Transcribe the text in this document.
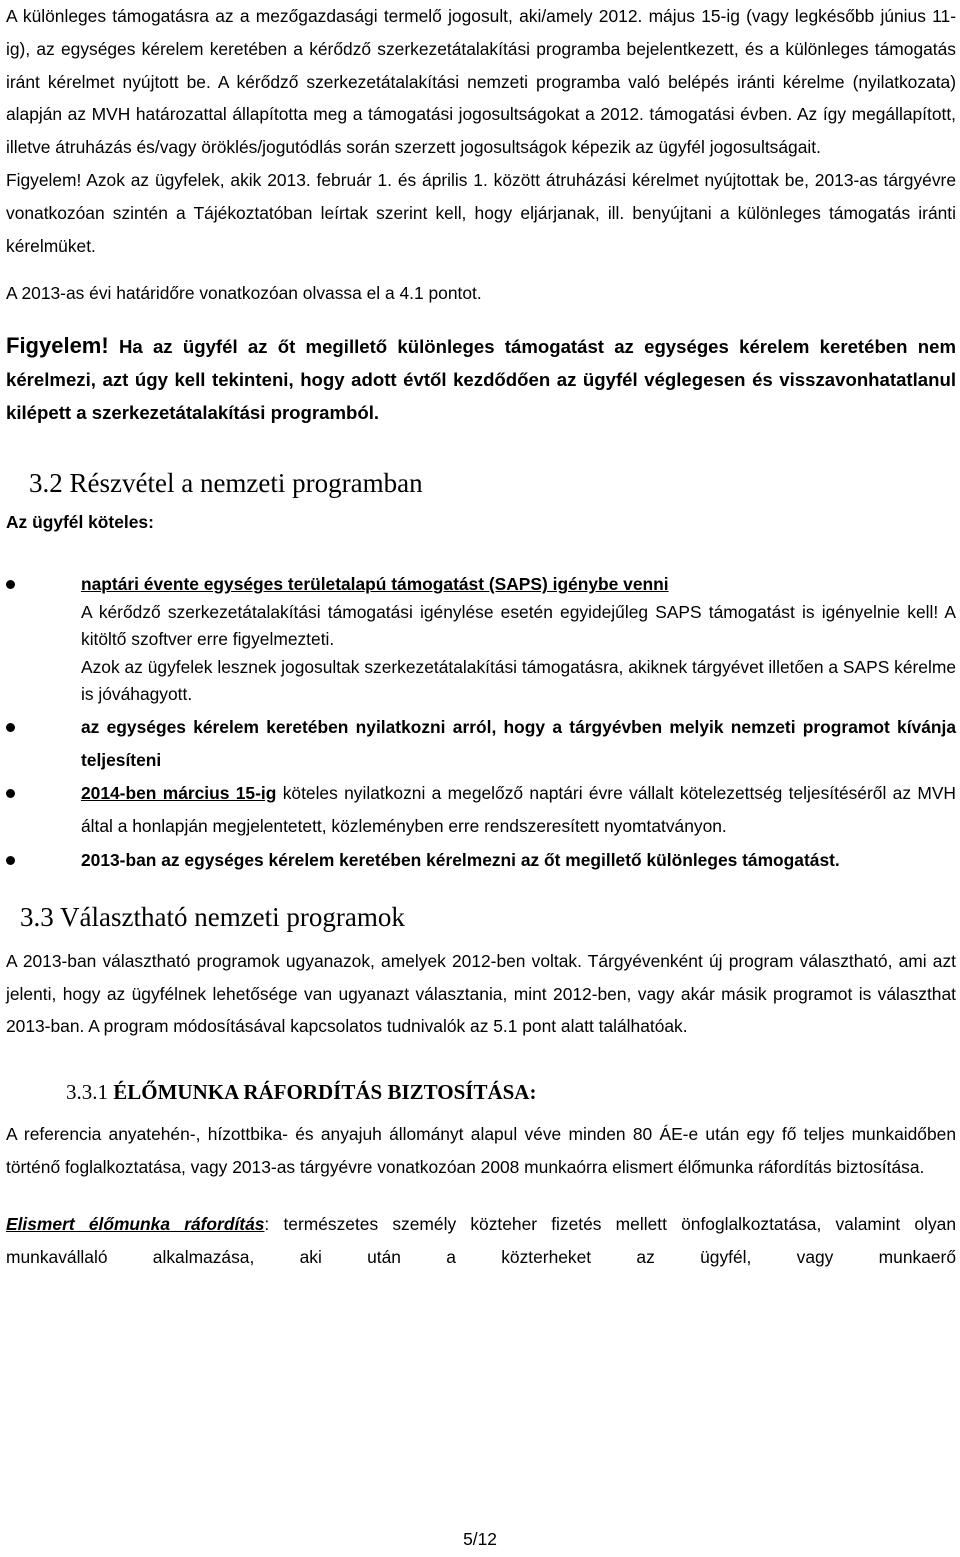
A különleges támogatásra az a mezőgazdasági termelő jogosult, aki/amely 2012. május 15-ig (vagy legkésőbb június 11-ig), az egységes kérelem keretében a kérődző szerkezetátalakítási programba bejelentkezett, és a különleges támogatás iránt kérelmet nyújtott be. A kérődző szerkezetátalakítási nemzeti programba való belépés iránti kérelme (nyilatkozata) alapján az MVH határozattal állapította meg a támogatási jogosultságokat a 2012. támogatási évben. Az így megállapított, illetve átruházás és/vagy öröklés/jogutódlás során szerzett jogosultságok képezik az ügyfél jogosultságait.

Figyelem! Azok az ügyfelek, akik 2013. február 1. és április 1. között átruházási kérelmet nyújtottak be, 2013-as tárgyévre vonatkozóan szintén a Tájékoztatóban leírtak szerint kell, hogy eljárjanak, ill. benyújtani a különleges támogatás iránti kérelmüket.

A 2013-as évi határidőre vonatkozóan olvassa el a 4.1 pontot.

Figyelem! Ha az ügyfél az őt megillető különleges támogatást az egységes kérelem keretében nem kérelmezi, azt úgy kell tekinteni, hogy adott évtől kezdődően az ügyfél véglegesen és visszavonhatatlanul kilépett a szerkezetátalakítási programból.

3.2 Részvétel a nemzeti programban

Az ügyfél köteles:

naptári évente egységes területalapú támogatást (SAPS) igénybe venni
A kérődző szerkezetátalakítási támogatási igénylése esetén egyidejűleg SAPS támogatást is igényelnie kell! A kitöltő szoftver erre figyelmezteti.
Azok az ügyfelek lesznek jogosultak szerkezetátalakítási támogatásra, akiknek tárgyévet illetően a SAPS kérelme is jóváhagyott.
az egységes kérelem keretében nyilatkozni arról, hogy a tárgyévben melyik nemzeti programot kívánja teljesíteni
2014-ben március 15-ig köteles nyilatkozni a megelőző naptári évre vállalt kötelezettség teljesítéséről az MVH által a honlapján megjelentetett, közleményben erre rendszeresített nyomtatványon.
2013-ban az egységes kérelem keretében kérelmezni az őt megillető különleges támogatást.
3.3 Választható nemzeti programok

A 2013-ban választható programok ugyanazok, amelyek 2012-ben voltak. Tárgyévenként új program választható, ami azt jelenti, hogy az ügyfélnek lehetősége van ugyanazt választania, mint 2012-ben, vagy akár másik programot is választhat 2013-ban. A program módosításával kapcsolatos tudnivalók az 5.1 pont alatt találhatóak.

3.3.1 ÉLŐMUNKA RÁFORDÍTÁS BIZTOSÍTÁSA:

A referencia anyatehén-, hízottbika- és anyajuh állományt alapul véve minden 80 ÁE-e után egy fő teljes munkaidőben történő foglalkoztatása, vagy 2013-as tárgyévre vonatkozóan 2008 munkaórra elismert élőmunka ráfordítás biztosítása.

Elismert élőmunka ráfordítás: természetes személy közteher fizetés mellett önfoglalkoztatása, valamint olyan munkavállaló alkalmazása, aki után a közterheket az ügyfél, vagy munkaerő

5/12
